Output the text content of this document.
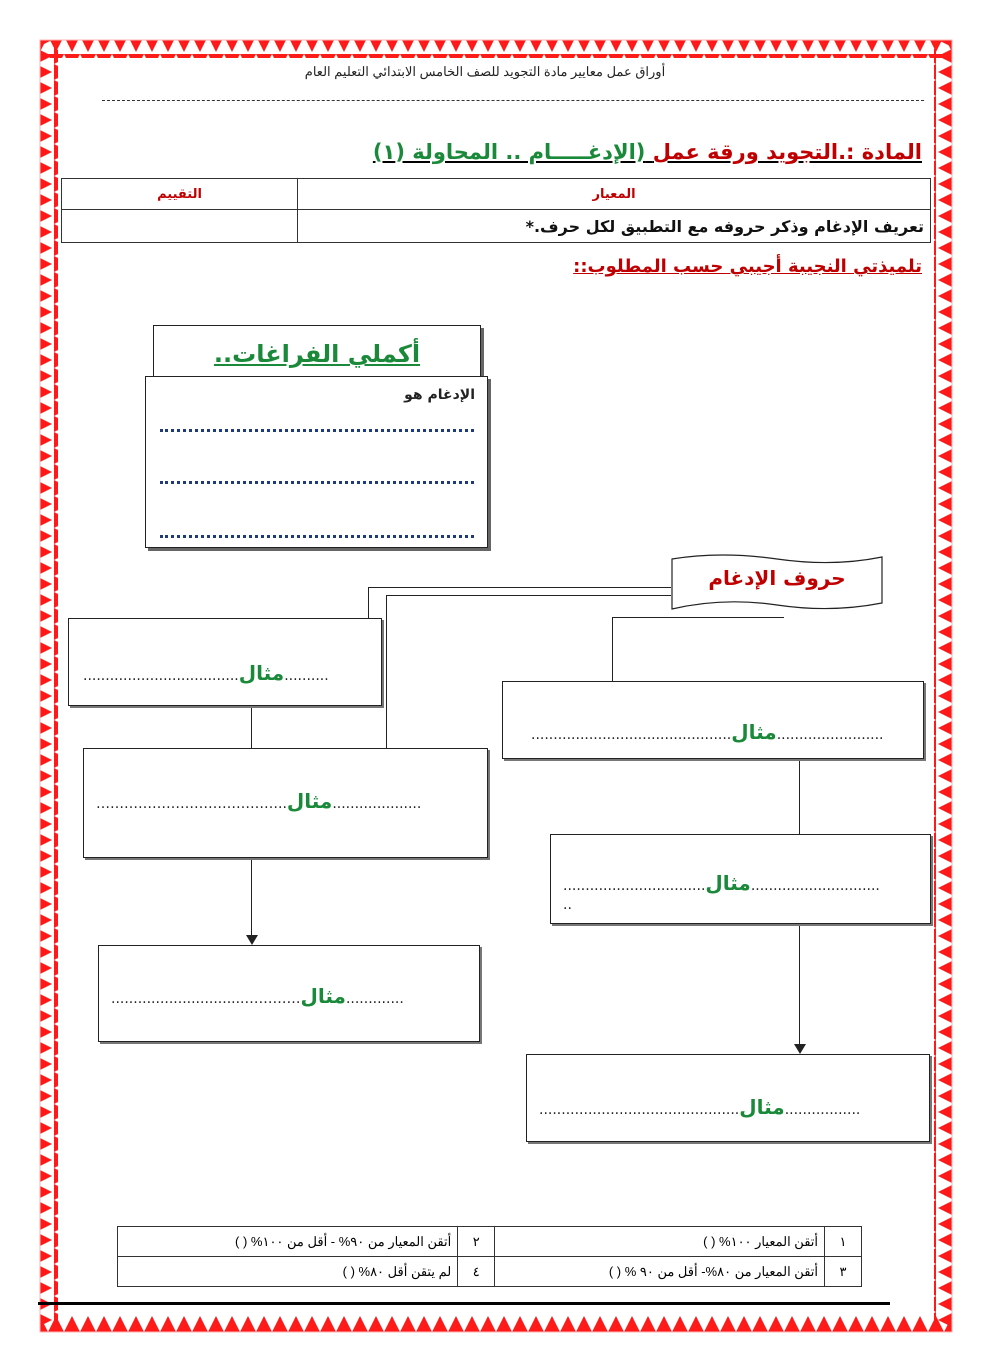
أوراق عمل معايير مادة التجويد للصف الخامس الابتدائي التعليم العام
المادة :.التجويد ورقة عمل (الإدغـــــام .. المحاولة (١)
المعيار	التقييم
تعريف الإدغام وذكر حروفه مع التطبيق لكل حرف.*	
تلميذتي النجيبة أجيبي حسب المطلوب::
أكملي الفراغات..
الإدغام هو
حروف الإدغام
...................................مثال..........
.............................................مثال........................
…………………………………..مثال....................
................................مثال.............................
..
..............................…………مثال.............
.............................................مثال.................
١	أتقن المعيار ١٠٠% ( )	٢	أتقن المعيار من ٩٠% - أقل من ١٠٠% ( )
٣	أتقن المعيار من ٨٠%- أقل من ٩٠ % ( )	٤	لم يتقن أقل ٨٠% ( )
